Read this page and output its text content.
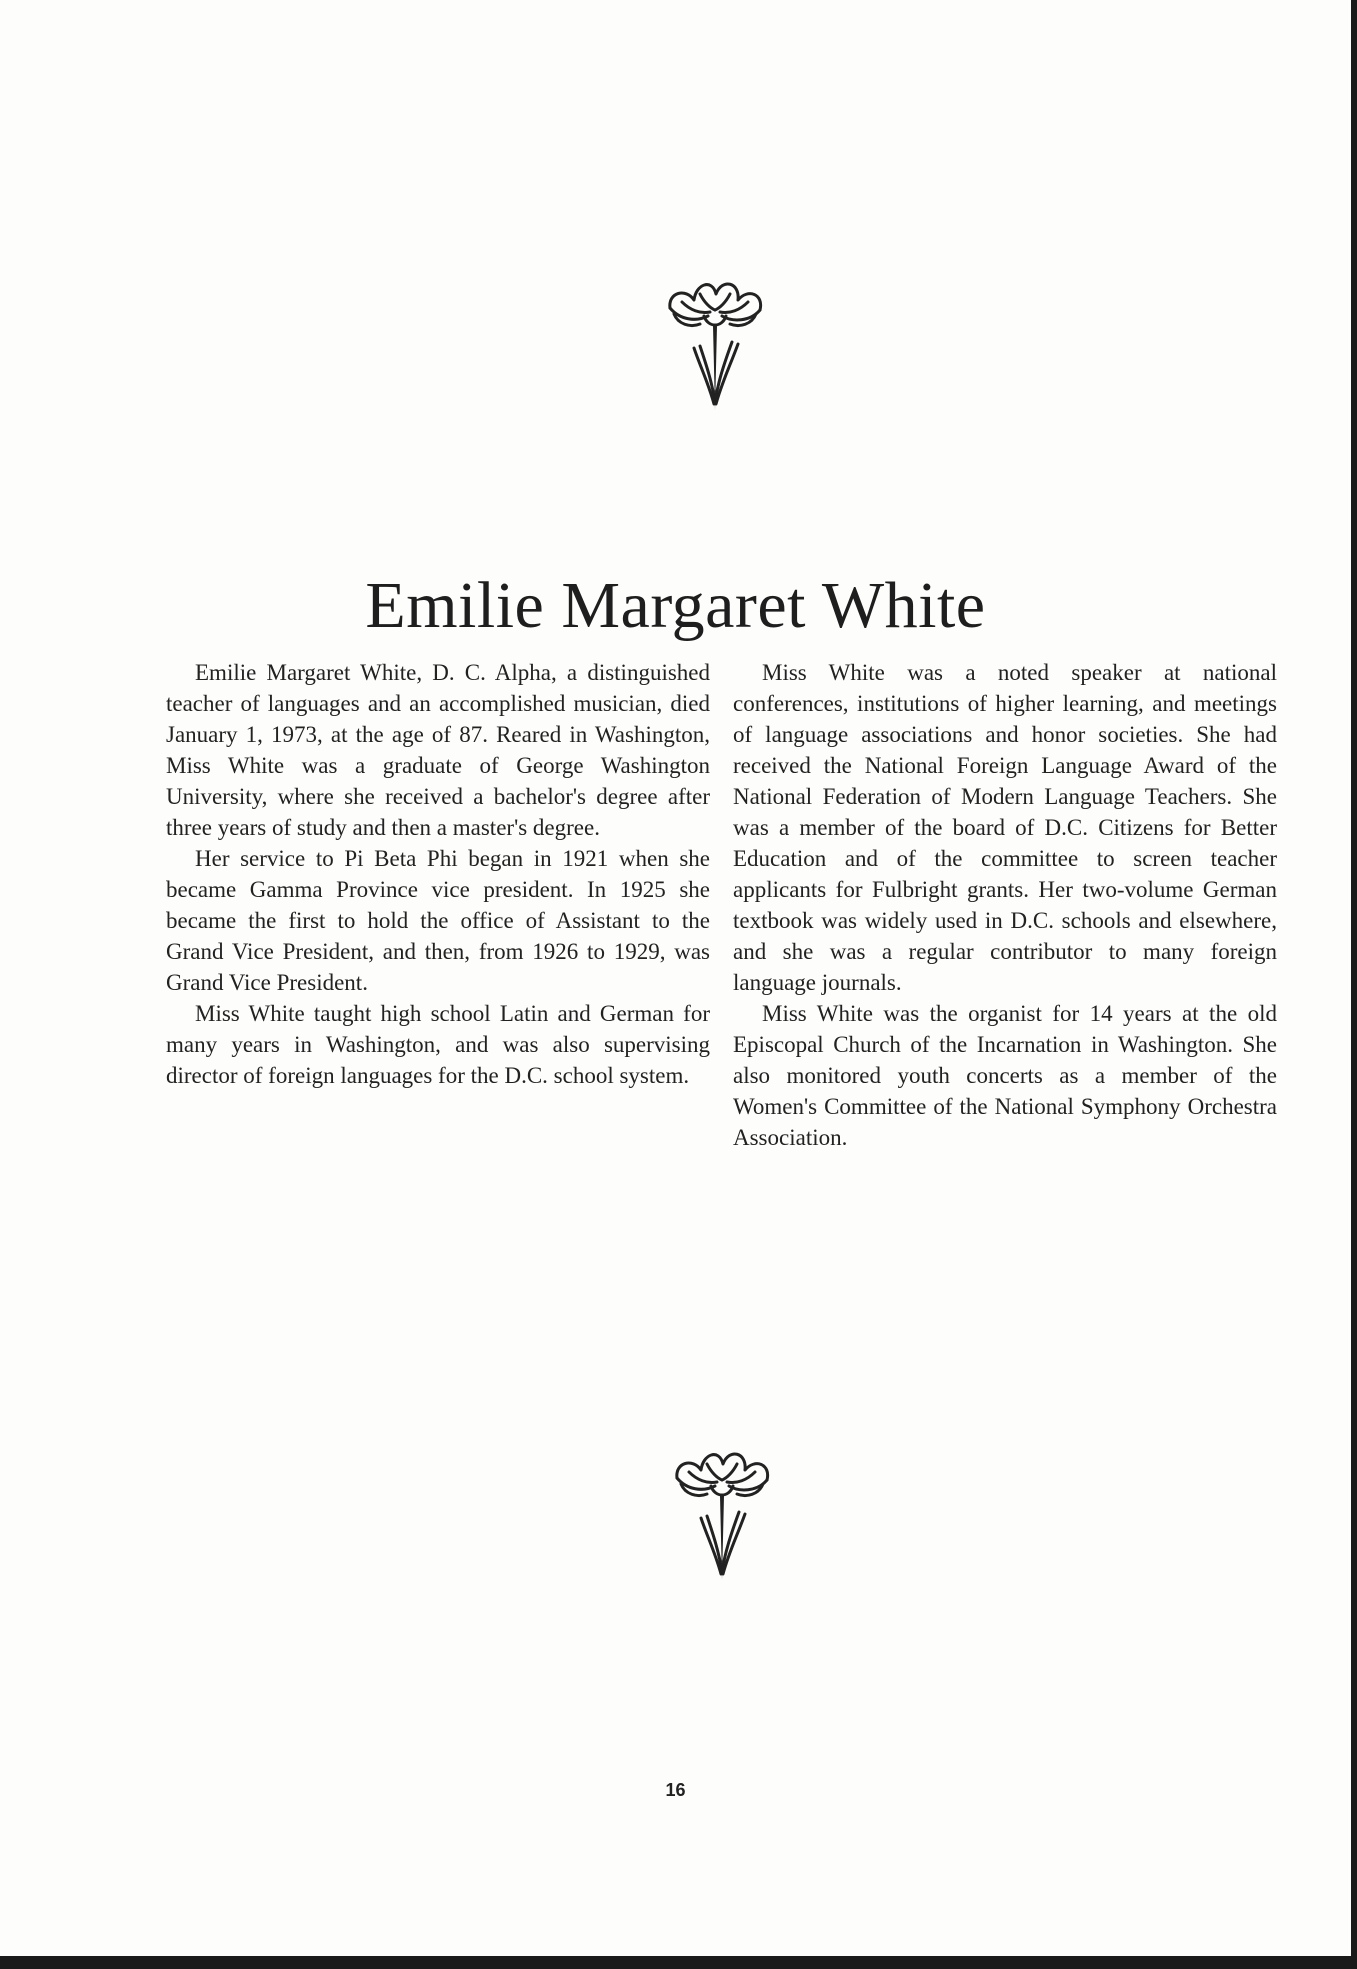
Emilie Margaret White

Emilie Margaret White, D. C. Alpha, a distinguished teacher of languages and an accomplished musician, died January 1, 1973, at the age of 87. Reared in Washington, Miss White was a graduate of George Washington University, where she received a bachelor's degree after three years of study and then a master's degree.

Her service to Pi Beta Phi began in 1921 when she became Gamma Province vice president. In 1925 she became the first to hold the office of Assistant to the Grand Vice President, and then, from 1926 to 1929, was Grand Vice President.

Miss White taught high school Latin and German for many years in Washington, and was also supervising director of foreign languages for the D.C. school system.

Miss White was a noted speaker at national conferences, institutions of higher learning, and meetings of language associations and honor societies. She had received the National Foreign Language Award of the National Federation of Modern Language Teachers. She was a member of the board of D.C. Citizens for Better Education and of the committee to screen teacher applicants for Fulbright grants. Her two-volume German textbook was widely used in D.C. schools and elsewhere, and she was a regular contributor to many foreign language journals.

Miss White was the organist for 14 years at the old Episcopal Church of the Incarnation in Washington. She also monitored youth concerts as a member of the Women's Committee of the National Symphony Orchestra Association.

16
